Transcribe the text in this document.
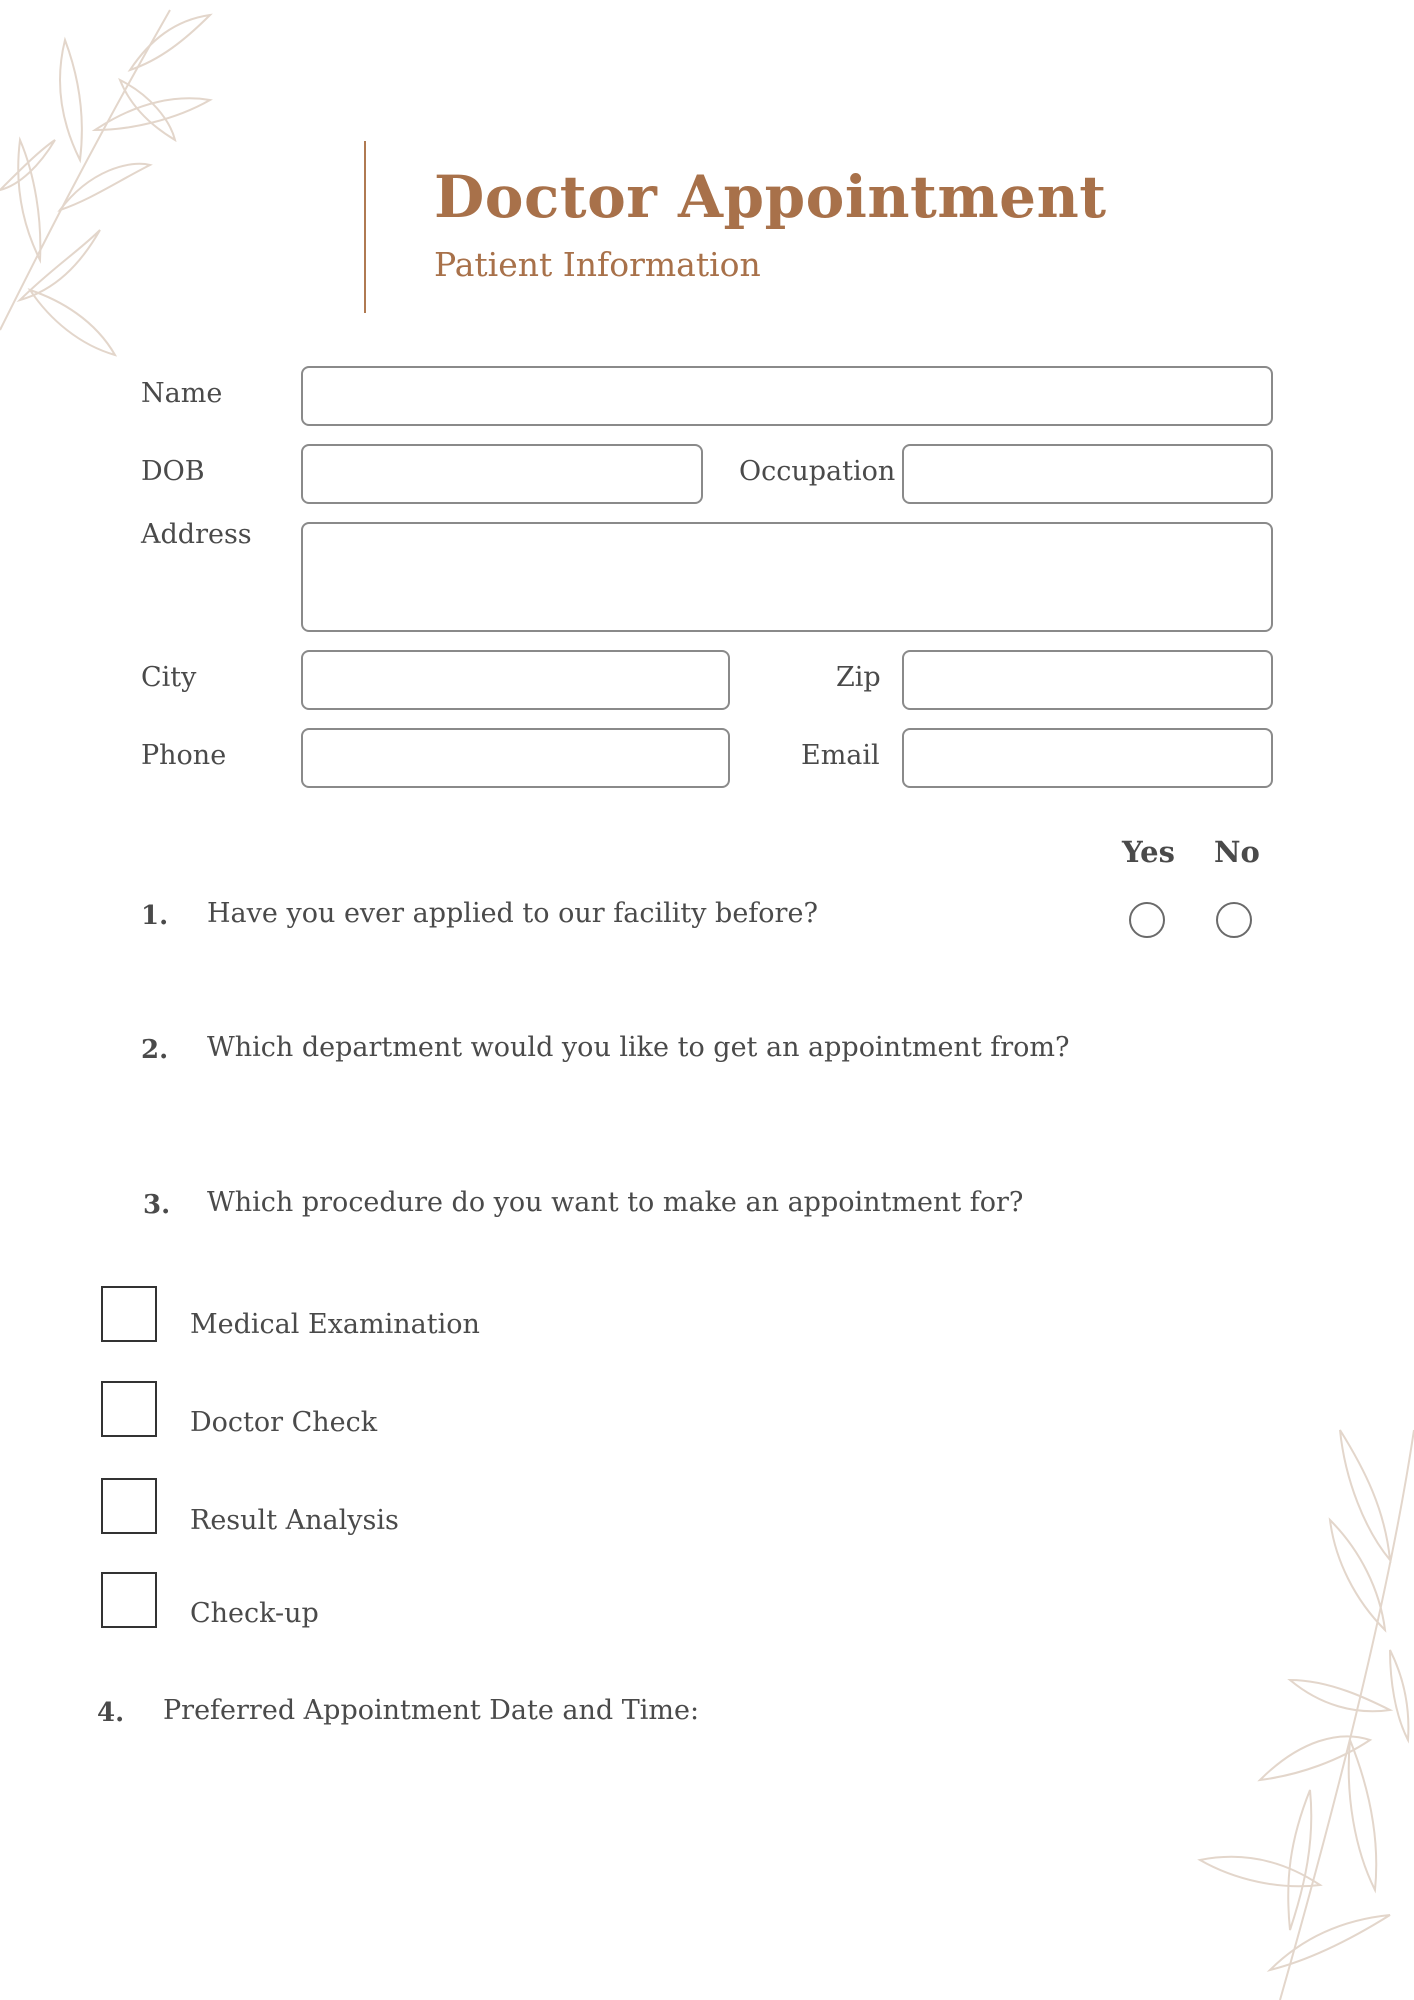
Doctor Appointment
Patient Information
Name
DOB	Occupation
Address
City	Zip
Phone	Email
Yes No
1. Have you ever applied to our facility before?
2. Which department would you like to get an appointment from?
3. Which procedure do you want to make an appointment for?
Medical Examination
Doctor Check
Result Analysis
Check-up
4. Preferred Appointment Date and Time:
